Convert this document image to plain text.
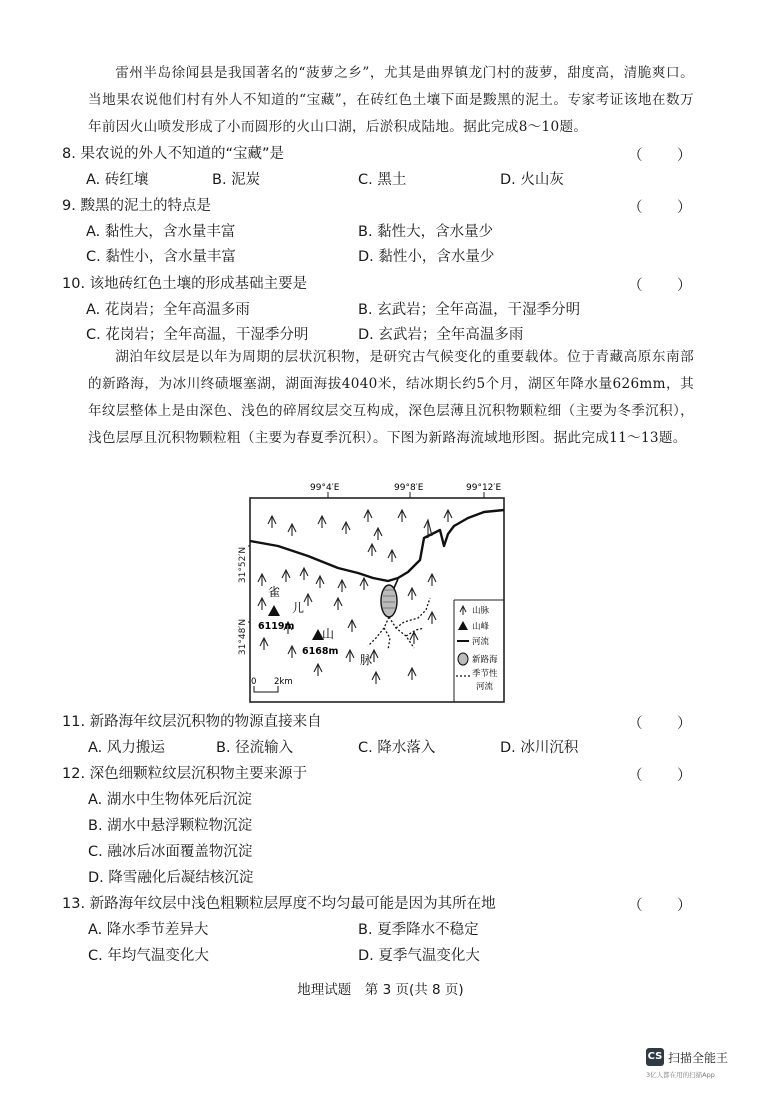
雷州半岛徐闻县是我国著名的“菠萝之乡”，尤其是曲界镇龙门村的菠萝，甜度高，清脆爽口。当地果农说他们村有外人不知道的“宝藏”，在砖红色土壤下面是黢黑的泥土。专家考证该地在数万年前因火山喷发形成了小而圆形的火山口湖，后淤积成陆地。据此完成8～10题。
8. 果农说的外人不知道的“宝藏”是	（　）
A. 砖红壤	B. 泥炭	C. 黑土	D. 火山灰
9. 黢黑的泥土的特点是	（　）
A. 黏性大，含水量丰富	B. 黏性大，含水量少
C. 黏性小，含水量丰富	D. 黏性小，含水量少
10. 该地砖红色土壤的形成基础主要是	（　）
A. 花岗岩；全年高温多雨	B. 玄武岩；全年高温，干湿季分明
C. 花岗岩；全年高温，干湿季分明	D. 玄武岩；全年高温多雨
湖泊年纹层是以年为周期的层状沉积物，是研究古气候变化的重要载体。位于青藏高原东南部的新路海，为冰川终碛堰塞湖，湖面海拔4040米，结冰期长约5个月，湖区年降水量626mm，其年纹层整体上是由深色、浅色的碎屑纹层交互构成，深色层薄且沉积物颗粒细（主要为冬季沉积），浅色层厚且沉积物颗粒粗（主要为春夏季沉积）。下图为新路海流域地形图。据此完成11～13题。
99°4′E	99°8′E	99°12′E
6119m
6168m
雀
儿
山
脉
0 2km
山脉
山峰
河流
新路海
季节性
河流
31°52′N
31°48′N
11. 新路海年纹层沉积物的物源直接来自	（　）
A. 风力搬运	B. 径流输入	C. 降水落入	D. 冰川沉积
12. 深色细颗粒纹层沉积物主要来源于	（　）
A. 湖水中生物体死后沉淀
B. 湖水中悬浮颗粒物沉淀
C. 融冰后冰面覆盖物沉淀
D. 降雪融化后凝结核沉淀
13. 新路海年纹层中浅色粗颗粒层厚度不均匀最可能是因为其所在地	（　）
A. 降水季节差异大	B. 夏季降水不稳定
C. 年均气温变化大	D. 夏季气温变化大
地理试题　第 3 页(共 8 页)
CS 扫描全能王
3亿人都在用的扫描App
